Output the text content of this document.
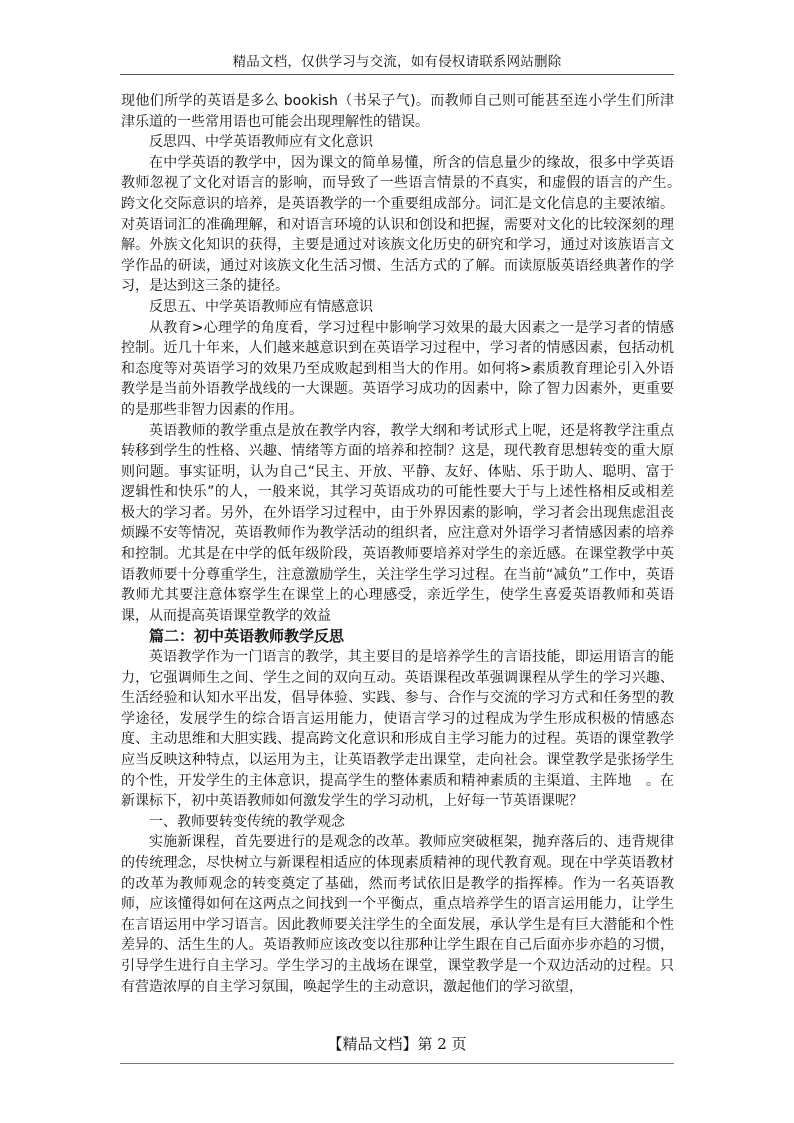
精品文档，仅供学习与交流，如有侵权请联系网站删除

现他们所学的英语是多么 bookish（书呆子气)。而教师自己则可能甚至连小学生们所津津乐道的一些常用语也可能会出现理解性的错误。

反思四、中学英语教师应有文化意识

在中学英语的教学中，因为课文的简单易懂，所含的信息量少的缘故，很多中学英语教师忽视了文化对语言的影响，而导致了一些语言情景的不真实，和虚假的语言的产生。　 跨文化交际意识的培养，是英语教学的一个重要组成部分。词汇是文化信息的主要浓缩。对英语词汇的准确理解，和对语言环境的认识和创设和把握，需要对文化的比较深刻的理解。外族文化知识的获得，主要是通过对该族文化历史的研究和学习，通过对该族语言文学作品的研读，通过对该族文化生活习惯、生活方式的了解。而读原版英语经典著作的学习，是达到这三条的捷径。

反思五、中学英语教师应有情感意识

从教育>心理学的角度看，学习过程中影响学习效果的最大因素之一是学习者的情感控制。近几十年来，人们越来越意识到在英语学习过程中，学习者的情感因素，包括动机和态度等对英语学习的效果乃至成败起到相当大的作用。如何将>素质教育理论引入外语教学是当前外语教学战线的一大课题。英语学习成功的因素中，除了智力因素外，更重要的是那些非智力因素的作用。

英语教师的教学重点是放在教学内容，教学大纲和考试形式上呢，还是将教学注重点转移到学生的性格、兴趣、情绪等方面的培养和控制？这是，现代教育思想转变的重大原则问题。事实证明，认为自己“民主、开放、平静、友好、体贴、乐于助人、聪明、富于逻辑性和快乐”的人，一般来说，其学习英语成功的可能性要大于与上述性格相反或相差极大的学习者。另外，在外语学习过程中，由于外界因素的影响，学习者会出现焦虑沮丧烦躁不安等情况，英语教师作为教学活动的组织者，应注意对外语学习者情感因素的培养和控制。尤其是在中学的低年级阶段，英语教师要培养对学生的亲近感。在课堂教学中英语教师要十分尊重学生，注意激励学生，关注学生学习过程。在当前“减负”工作中，英语教师尤其要注意体察学生在课堂上的心理感受，亲近学生，使学生喜爱英语教师和英语课，从而提高英语课堂教学的效益

篇二：初中英语教师教学反思

英语教学作为一门语言的教学，其主要目的是培养学生的言语技能，即运用语言的能力，它强调师生之间、学生之间的双向互动。英语课程改革强调课程从学生的学习兴趣、生活经验和认知水平出发，倡导体验、实践、参与、合作与交流的学习方式和任务型的教学途径，发展学生的综合语言运用能力，使语言学习的过程成为学生形成积极的情感态度、主动思维和大胆实践、提高跨文化意识和形成自主学习能力的过程。英语的课堂教学应当反映这种特点，以运用为主，让英语教学走出课堂，走向社会。课堂教学是张扬学生的个性，开发学生的主体意识，提高学生的整体素质和精神素质的主渠道、主阵地　。在新课标下，初中英语教师如何激发学生的学习动机，上好每一节英语课呢？

一、教师要转变传统的教学观念

实施新课程，首先要进行的是观念的改革。教师应突破框架，抛弃落后的、违背规律的传统理念，尽快树立与新课程相适应的体现素质精神的现代教育观。现在中学英语教材的改革为教师观念的转变奠定了基础，然而考试依旧是教学的指挥棒。作为一名英语教师，应该懂得如何在这两点之间找到一个平衡点，重点培养学生的语言运用能力，让学生在言语运用中学习语言。因此教师要关注学生的全面发展，承认学生是有巨大潜能和个性差异的、活生生的人。英语教师应该改变以往那种让学生跟在自己后面亦步亦趋的习惯，引导学生进行自主学习。学生学习的主战场在课堂，课堂教学是一个双边活动的过程。只有营造浓厚的自主学习氛围，唤起学生的主动意识，激起他们的学习欲望，

【精品文档】第 2 页
